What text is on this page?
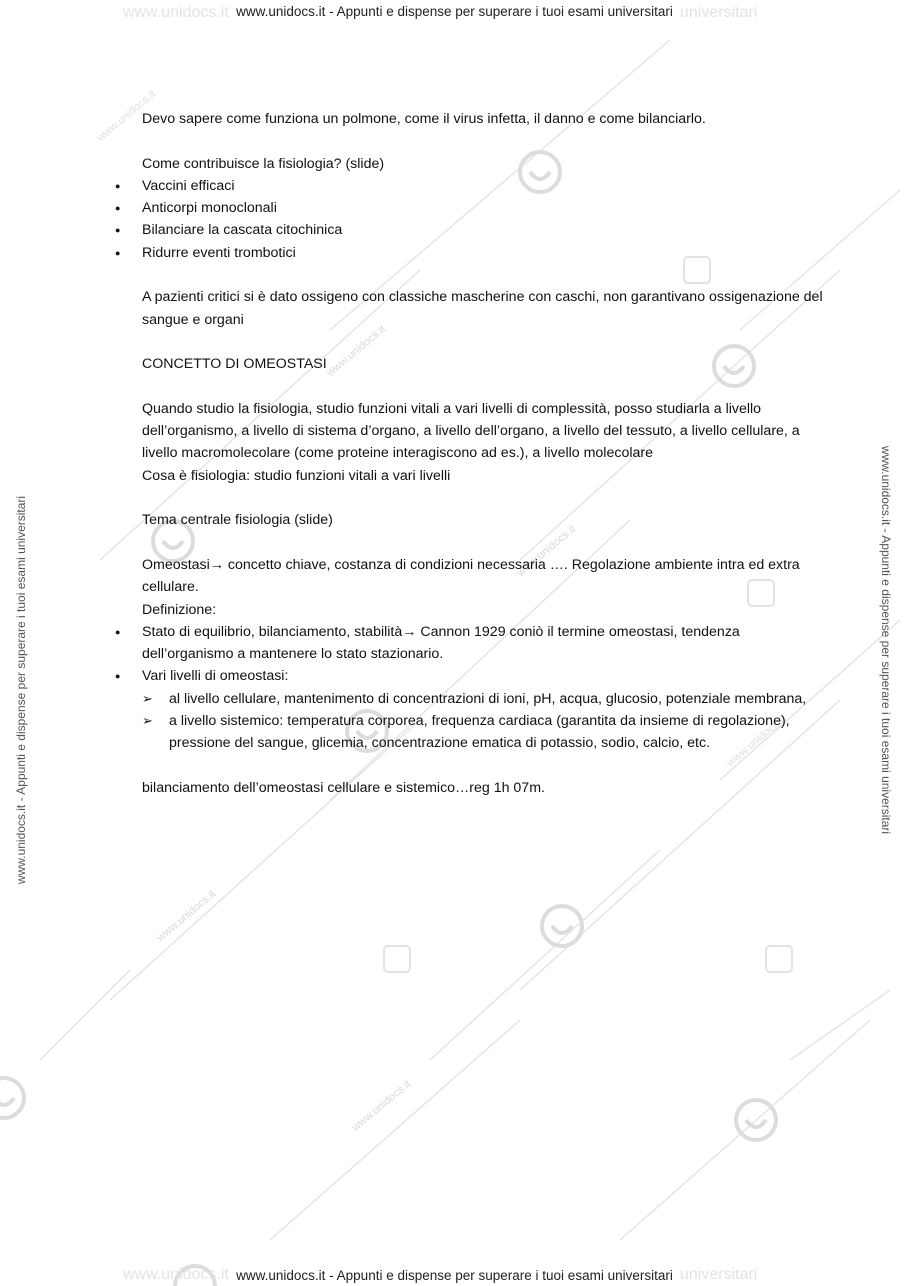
www.unidocs.it	universitari
www.unidocs.it	universitari
www.unidocs.it
www.unidocs.it
www.unidocs.it
www.unidocs.it
www.unidocs.it
www.unidocs.it
www.unidocs.it - Appunti e dispense per superare i tuoi esami universitari
www.unidocs.it - Appunti e dispense per superare i tuoi esami universitari
www.unidocs.it - Appunti e dispense per superare i tuoi esami universitari	www.unidocs.it - Appunti e dispense per superare i tuoi esami universitari

Devo sapere come funziona un polmone, come il virus infetta, il danno e come bilanciarlo.

Come contribuisce la fisiologia? (slide)

● Vaccini efficaci
● Anticorpi monoclonali
● Bilanciare la cascata citochinica
● Ridurre eventi trombotici

A pazienti critici si è dato ossigeno con classiche mascherine con caschi, non garantivano ossigenazione del sangue e organi

CONCETTO DI OMEOSTASI

Quando studio la fisiologia, studio funzioni vitali a vari livelli di complessità, posso studiarla a livello dell’organismo, a livello di sistema d’organo, a livello dell’organo, a livello del tessuto, a livello cellulare, a livello macromolecolare (come proteine interagiscono ad es.), a livello molecolare

Cosa è fisiologia: studio funzioni vitali a vari livelli

Tema centrale fisiologia (slide)

Omeostasi→ concetto chiave, costanza di condizioni necessaria …. Regolazione ambiente intra ed extra cellulare.

Definizione:

● Stato di equilibrio, bilanciamento, stabilità→ Cannon 1929 coniò il termine omeostasi, tendenza dell’organismo a mantenere lo stato stazionario.
● Vari livelli di omeostasi:
➢ al livello cellulare, mantenimento di concentrazioni di ioni, pH, acqua, glucosio, potenziale membrana,
➢ a livello sistemico: temperatura corporea, frequenza cardiaca (garantita da insieme di regolazione), pressione del sangue, glicemia, concentrazione ematica di potassio, sodio, calcio, etc.

bilanciamento dell’omeostasi cellulare e sistemico…reg 1h 07m.
